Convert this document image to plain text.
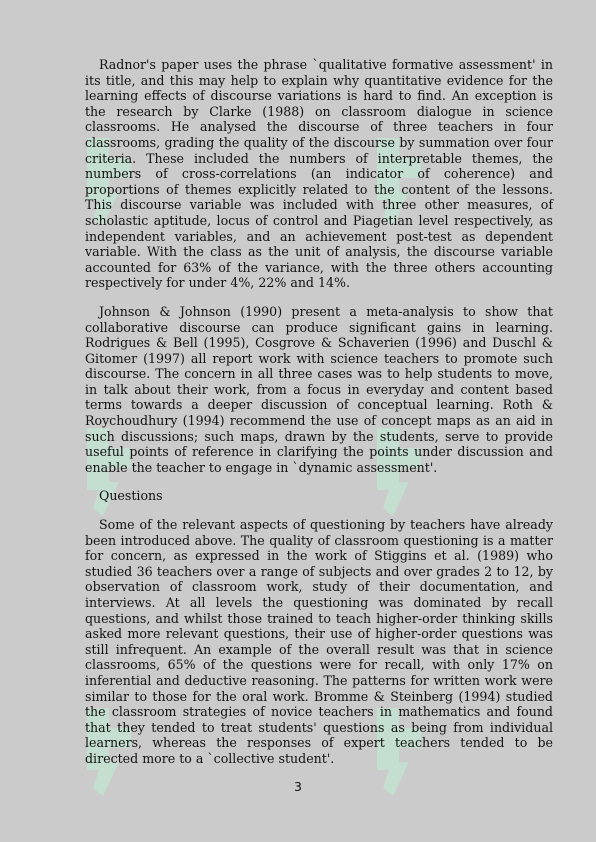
Radnor's paper uses the phrase `qualitative formative assessment' in its title, and this may help to explain why quantitative evidence for the learning effects of discourse variations is hard to find. An exception is the research by Clarke (1988) on classroom dialogue in science classrooms. He analysed the discourse of three teachers in four classrooms, grading the quality of the discourse by summation over four criteria. These included the numbers of interpretable themes, the numbers of cross-correlations (an indicator of coherence) and proportions of themes explicitly related to the content of the lessons. This discourse variable was included with three other measures, of scholastic aptitude, locus of control and Piagetian level respectively, as independent variables, and an achievement post-test as dependent variable. With the class as the unit of analysis, the discourse variable accounted for 63% of the variance, with the three others accounting respectively for under 4%, 22% and 14%.

Johnson & Johnson (1990) present a meta-analysis to show that collaborative discourse can produce significant gains in learning. Rodrigues & Bell (1995), Cosgrove & Schaverien (1996) and Duschl & Gitomer (1997) all report work with science teachers to promote such discourse. The concern in all three cases was to help students to move, in talk about their work, from a focus in everyday and content based terms towards a deeper discussion of conceptual learning. Roth & Roychoudhury (1994) recommend the use of concept maps as an aid in such discussions; such maps, drawn by the students, serve to provide useful points of reference in clarifying the points under discussion and enable the teacher to engage in `dynamic assessment'.

Questions

Some of the relevant aspects of questioning by teachers have already been introduced above. The quality of classroom questioning is a matter for concern, as expressed in the work of Stiggins et al. (1989) who studied 36 teachers over a range of subjects and over grades 2 to 12, by observation of classroom work, study of their documentation, and interviews. At all levels the questioning was dominated by recall questions, and whilst those trained to teach higher-order thinking skills asked more relevant questions, their use of higher-order questions was still infrequent. An example of the overall result was that in science classrooms, 65% of the questions were for recall, with only 17% on inferential and deductive reasoning. The patterns for written work were similar to those for the oral work. Bromme & Steinberg (1994) studied the classroom strategies of novice teachers in mathematics and found that they tended to treat students' questions as being from individual learners, whereas the responses of expert teachers tended to be directed more to a `collective student'.

3
